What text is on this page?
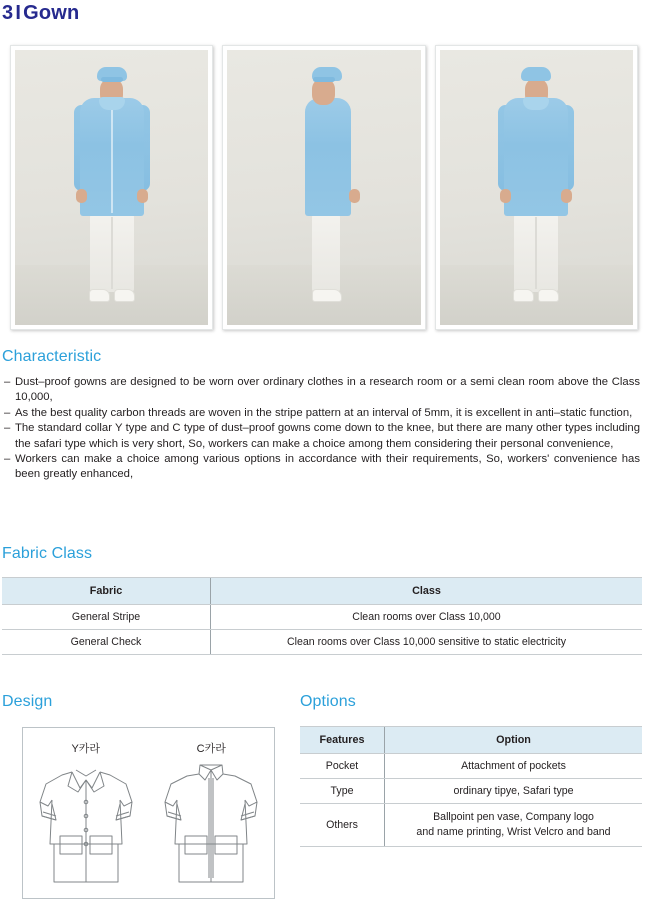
3 I Gown
Characteristic
– Dust–proof gowns are designed to be worn over ordinary clothes in a research room or a semi clean room above the Class 10,000,
– As the best quality carbon threads are woven in the stripe pattern at an interval of 5mm, it is excellent in anti–static function,
– The standard collar Y type and C type of dust–proof gowns come down to the knee, but there are many other types including the safari type which is very short, So, workers can make a choice among them considering their personal convenience,
– Workers can make a choice among various options in accordance with their requirements, So, workers' convenience has been greatly enhanced,
Fabric Class
Fabric	Class
General Stripe	Clean rooms over Class 10,000
General Check	Clean rooms over Class 10,000 sensitive to static electricity
Design
Y카라	C카라
Options
Features	Option
Pocket	Attachment of pockets
Type	ordinary tipye, Safari type
Others	Ballpoint pen vase, Company logo
and name printing, Wrist Velcro and band
